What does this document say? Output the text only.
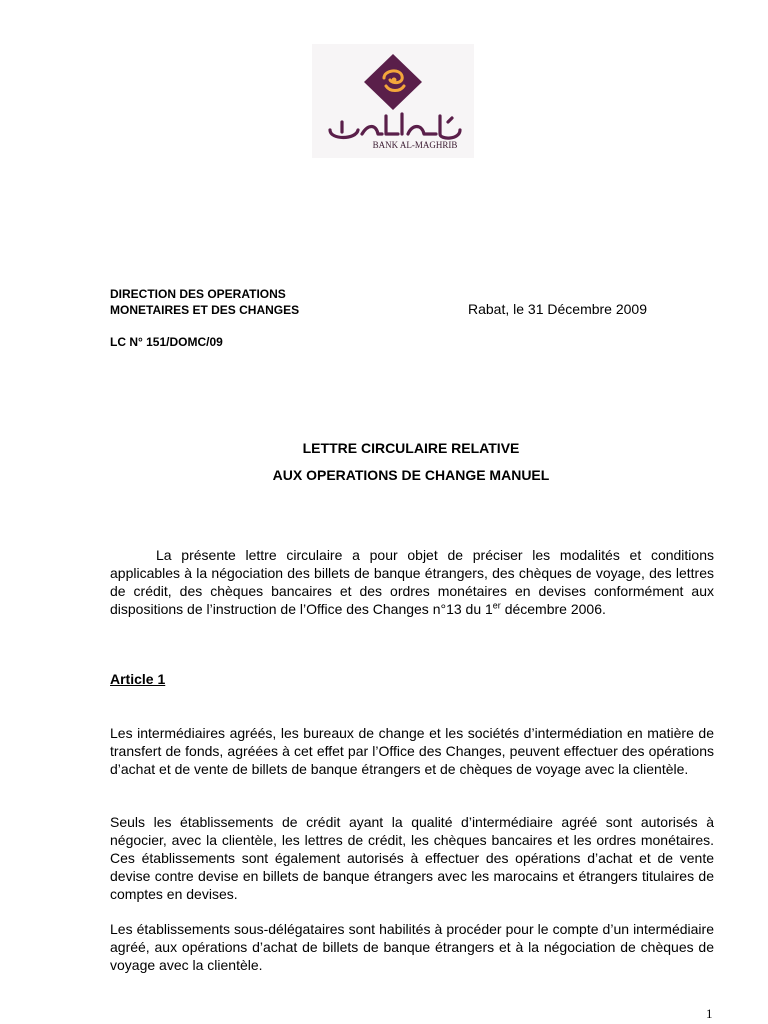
BANK AL-MAGHRIB
DIRECTION DES OPERATIONS
MONETAIRES ET DES CHANGES	Rabat, le 31 Décembre 2009
LC N° 151/DOMC/09
LETTRE CIRCULAIRE RELATIVE
AUX OPERATIONS DE CHANGE MANUEL

La présente lettre circulaire a pour objet de préciser les modalités et conditions applicables à la négociation des billets de banque étrangers, des chèques de voyage, des lettres de crédit, des chèques bancaires et des ordres monétaires en devises conformément aux dispositions de l’instruction de l’Office des Changes n°13 du 1er décembre 2006.

Article 1

Les intermédiaires agréés, les bureaux de change et les sociétés d’intermédiation en matière de transfert de fonds, agréées à cet effet par l’Office des Changes, peuvent effectuer des opérations d’achat et de vente de billets de banque étrangers et de chèques de voyage avec la clientèle.

Seuls les établissements de crédit ayant la qualité d’intermédiaire agréé sont autorisés à négocier, avec la clientèle, les lettres de crédit, les chèques bancaires et les ordres monétaires. Ces établissements sont également autorisés à effectuer des opérations d’achat et de vente devise contre devise en billets de banque étrangers avec les marocains et étrangers titulaires de comptes en devises.

Les établissements sous-délégataires sont habilités à procéder pour le compte d’un intermédiaire agréé, aux opérations d’achat de billets de banque étrangers et à la négociation de chèques de voyage avec la clientèle.

1
